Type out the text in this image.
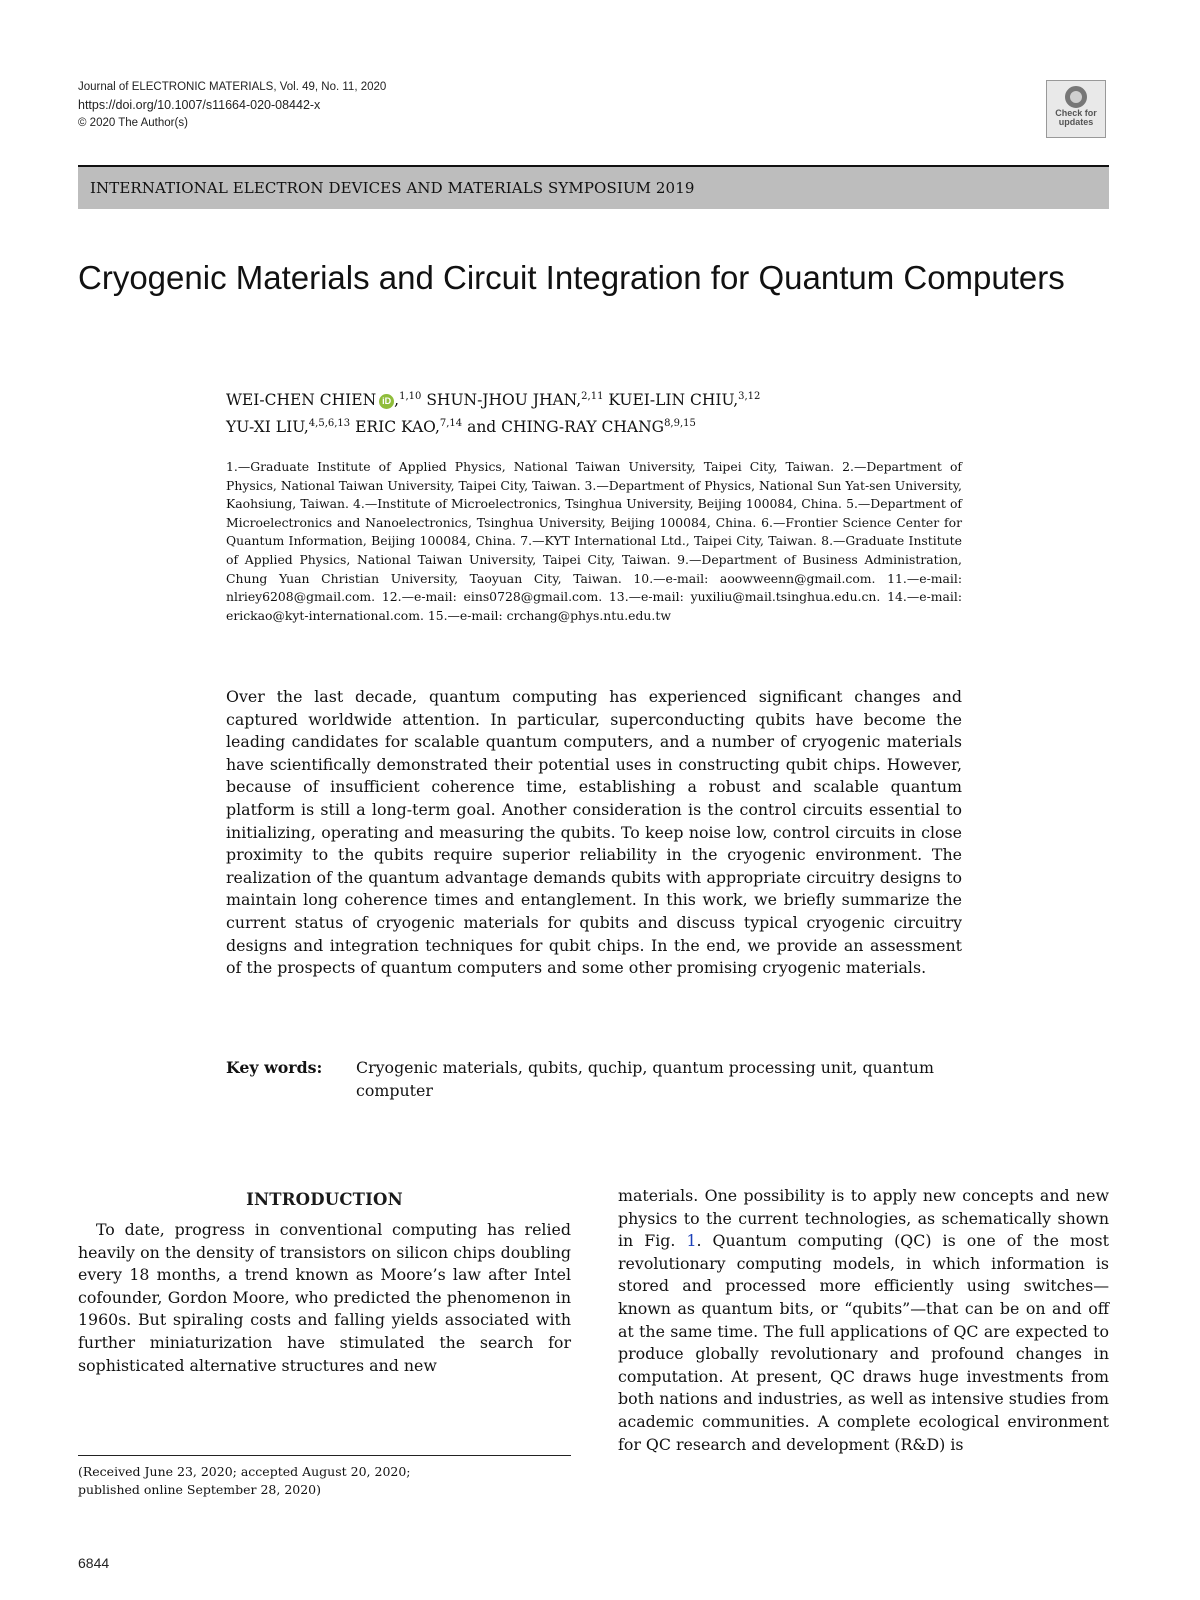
Journal of ELECTRONIC MATERIALS, Vol. 49, No. 11, 2020
https://doi.org/10.1007/s11664-020-08442-x
© 2020 The Author(s)
Check for updates
INTERNATIONAL ELECTRON DEVICES AND MATERIALS SYMPOSIUM 2019
Cryogenic Materials and Circuit Integration for Quantum Computers
WEI-CHEN CHIEN iD ,$^{1,10}$ SHUN-JHOU JHAN,$^{2,11}$ KUEI-LIN CHIU,$^{3,12}$
YU-XI LIU,$^{4,5,6,13}$ ERIC KAO,$^{7,14}$ and CHING-RAY CHANG$^{8,9,15}$
1.—Graduate Institute of Applied Physics, National Taiwan University, Taipei City, Taiwan. 2.—Department of Physics, National Taiwan University, Taipei City, Taiwan. 3.—Department of Physics, National Sun Yat-sen University, Kaohsiung, Taiwan. 4.—Institute of Microelectronics, Tsinghua University, Beijing 100084, China. 5.—Department of Microelectronics and Nanoelectronics, Tsinghua University, Beijing 100084, China. 6.—Frontier Science Center for Quantum Information, Beijing 100084, China. 7.—KYT International Ltd., Taipei City, Taiwan. 8.—Graduate Institute of Applied Physics, National Taiwan University, Taipei City, Taiwan. 9.—Department of Business Administration, Chung Yuan Christian University, Taoyuan City, Taiwan. 10.—e-mail: aoowweenn@gmail.com. 11.—e-mail: nlriey6208@gmail.com. 12.—e-mail: eins0728@gmail.com. 13.—e-mail: yuxiliu@mail.tsinghua.edu.cn. 14.—e-mail: erickao@kyt-international.com. 15.—e-mail: crchang@phys.ntu.edu.tw
Over the last decade, quantum computing has experienced significant changes and captured worldwide attention. In particular, superconducting qubits have become the leading candidates for scalable quantum computers, and a number of cryogenic materials have scientifically demonstrated their potential uses in constructing qubit chips. However, because of insufficient coherence time, establishing a robust and scalable quantum platform is still a long-term goal. Another consideration is the control circuits essential to initializing, operating and measuring the qubits. To keep noise low, control circuits in close proximity to the qubits require superior reliability in the cryogenic environment. The realization of the quantum advantage demands qubits with appropriate circuitry designs to maintain long coherence times and entanglement. In this work, we briefly summarize the current status of cryogenic materials for qubits and discuss typical cryogenic circuitry designs and integration techniques for qubit chips. In the end, we provide an assessment of the prospects of quantum computers and some other promising cryogenic materials.
Key words:	Cryogenic materials, qubits, quchip, quantum processing unit, quantum computer
INTRODUCTION

To date, progress in conventional computing has relied heavily on the density of transistors on silicon chips doubling every 18 months, a trend known as Moore’s law after Intel cofounder, Gordon Moore, who predicted the phenomenon in 1960s. But spiraling costs and falling yields associated with further miniaturization have stimulated the search for sophisticated alternative structures and new

(Received June 23, 2020; accepted August 20, 2020;
published online September 28, 2020)

materials. One possibility is to apply new concepts and new physics to the current technologies, as schematically shown in Fig. 1. Quantum computing (QC) is one of the most revolutionary computing models, in which information is stored and processed more efficiently using switches—known as quantum bits, or “qubits”—that can be on and off at the same time. The full applications of QC are expected to produce globally revolutionary and profound changes in computation. At present, QC draws huge investments from both nations and industries, as well as intensive studies from academic communities. A complete ecological environment for QC research and development (R&D) is

6844
